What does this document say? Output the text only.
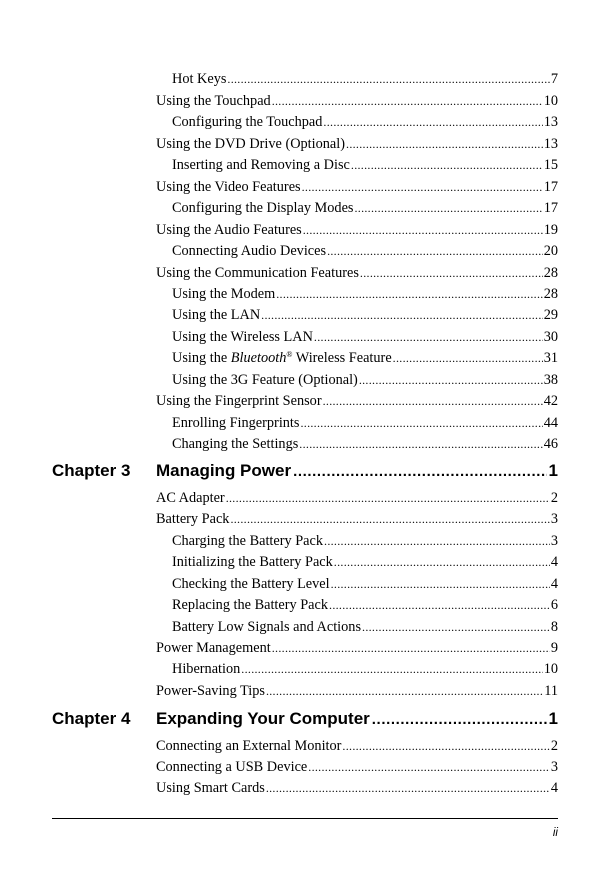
Hot Keys .....	7
Using the Touchpad .....	10
Configuring the Touchpad .....	13
Using the DVD Drive (Optional) .....	13
Inserting and Removing a Disc .....	15
Using the Video Features .....	17
Configuring the Display Modes .....	17
Using the Audio Features .....	19
Connecting Audio Devices .....	20
Using the Communication Features .....	28
Using the Modem .....	28
Using the LAN .....	29
Using the Wireless LAN .....	30
Using the Bluetooth® Wireless Feature .....	31
Using the 3G Feature (Optional) .....	38
Using the Fingerprint Sensor .....	42
Enrolling Fingerprints .....	44
Changing the Settings .....	46
Chapter 3	Managing Power .....	1
AC Adapter .....	2
Battery Pack .....	3
Charging the Battery Pack .....	3
Initializing the Battery Pack .....	4
Checking the Battery Level .....	4
Replacing the Battery Pack .....	6
Battery Low Signals and Actions .....	8
Power Management .....	9
Hibernation .....	10
Power-Saving Tips .....	11
Chapter 4	Expanding Your Computer .....	1
Connecting an External Monitor .....	2
Connecting a USB Device .....	3
Using Smart Cards .....	4
ii
